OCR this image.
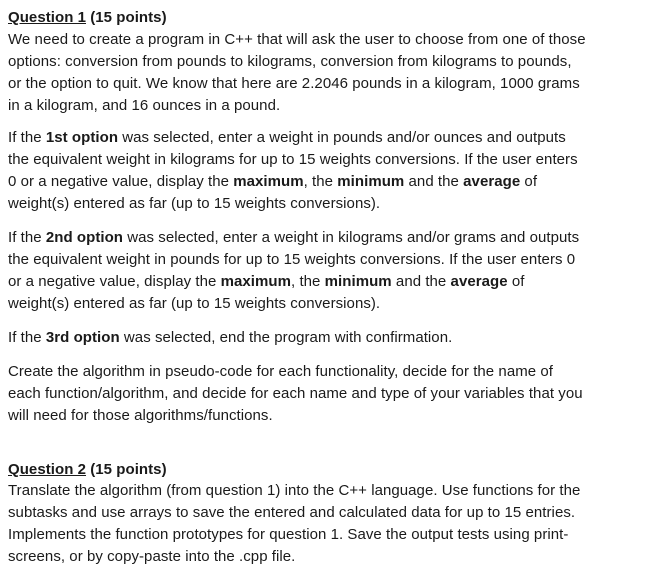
Question 1 (15 points)
We need to create a program in C++ that will ask the user to choose from one of those
options: conversion from pounds to kilograms, conversion from kilograms to pounds,
or the option to quit. We know that here are 2.2046 pounds in a kilogram, 1000 grams
in a kilogram, and 16 ounces in a pound.
If the 1st option was selected, enter a weight in pounds and/or ounces and outputs
the equivalent weight in kilograms for up to 15 weights conversions. If the user enters
0 or a negative value, display the maximum, the minimum and the average of
weight(s) entered as far (up to 15 weights conversions).
If the 2nd option was selected, enter a weight in kilograms and/or grams and outputs
the equivalent weight in pounds for up to 15 weights conversions. If the user enters 0
or a negative value, display the maximum, the minimum and the average of
weight(s) entered as far (up to 15 weights conversions).
If the 3rd option was selected, end the program with confirmation.
Create the algorithm in pseudo-code for each functionality, decide for the name of
each function/algorithm, and decide for each name and type of your variables that you
will need for those algorithms/functions.
Question 2 (15 points)
Translate the algorithm (from question 1) into the C++ language. Use functions for the
subtasks and use arrays to save the entered and calculated data for up to 15 entries.
Implements the function prototypes for question 1. Save the output tests using print-
screens, or by copy-paste into the .cpp file.
